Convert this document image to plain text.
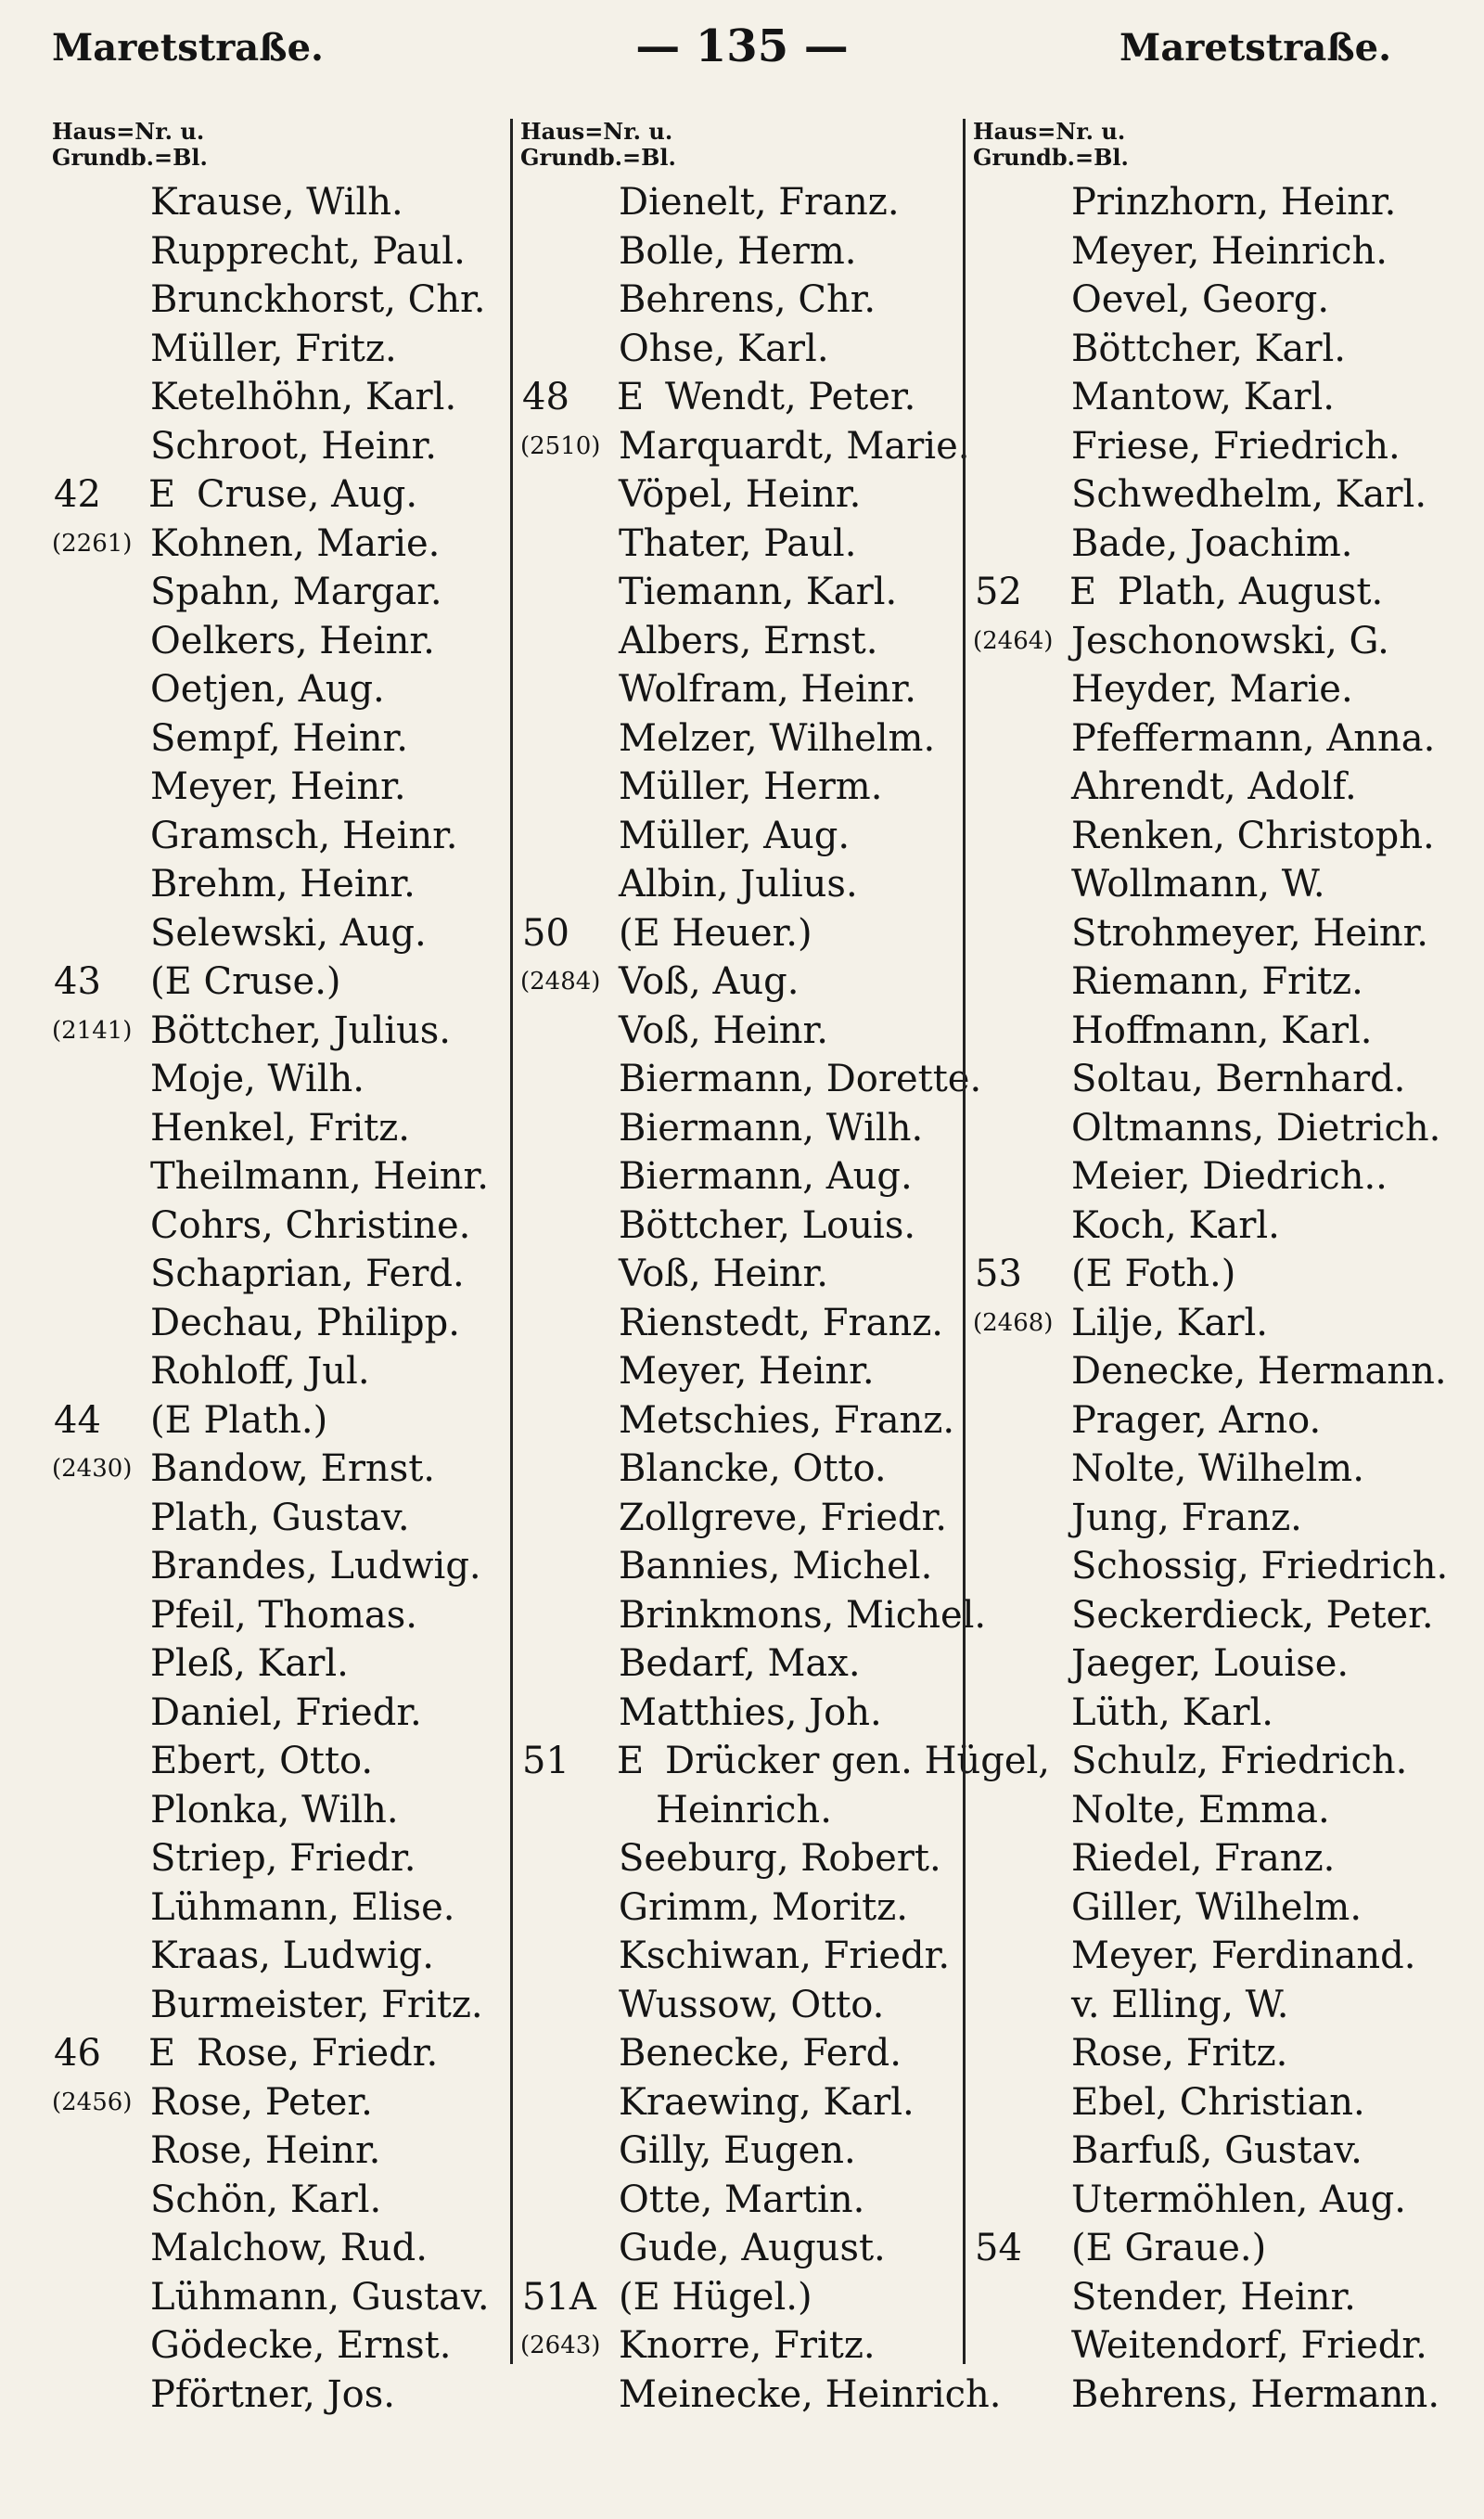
Maretstraße.	— 135 —	Maretstraße.
Haus=Nr. u.
Grundb.=Bl.
Krause, Wilh.
Rupprecht, Paul.
Brunckhorst, Chr.
Müller, Fritz.
Ketelhöhn, Karl.
Schroot, Heinr.
42 E Cruse, Aug.
(2261) Kohnen, Marie.
Spahn, Margar.
Oelkers, Heinr.
Oetjen, Aug.
Sempf, Heinr.
Meyer, Heinr.
Gramsch, Heinr.
Brehm, Heinr.
Selewski, Aug.
43 (E Cruse.)
(2141) Böttcher, Julius.
Moje, Wilh.
Henkel, Fritz.
Theilmann, Heinr.
Cohrs, Christine.
Schaprian, Ferd.
Dechau, Philipp.
Rohloff, Jul.
44 (E Plath.)
(2430) Bandow, Ernst.
Plath, Gustav.
Brandes, Ludwig.
Pfeil, Thomas.
Pleß, Karl.
Daniel, Friedr.
Ebert, Otto.
Plonka, Wilh.
Striep, Friedr.
Lühmann, Elise.
Kraas, Ludwig.
Burmeister, Fritz.
46 E Rose, Friedr.
(2456) Rose, Peter.
Rose, Heinr.
Schön, Karl.
Malchow, Rud.
Lühmann, Gustav.
Gödecke, Ernst.
Pförtner, Jos.
Haus=Nr. u.
Grundb.=Bl.
Dienelt, Franz.
Bolle, Herm.
Behrens, Chr.
Ohse, Karl.
48 E Wendt, Peter.
(2510) Marquardt, Marie.
Vöpel, Heinr.
Thater, Paul.
Tiemann, Karl.
Albers, Ernst.
Wolfram, Heinr.
Melzer, Wilhelm.
Müller, Herm.
Müller, Aug.
Albin, Julius.
50 (E Heuer.)
(2484) Voß, Aug.
Voß, Heinr.
Biermann, Dorette.
Biermann, Wilh.
Biermann, Aug.
Böttcher, Louis.
Voß, Heinr.
Rienstedt, Franz.
Meyer, Heinr.
Metschies, Franz.
Blancke, Otto.
Zollgreve, Friedr.
Bannies, Michel.
Brinkmons, Michel.
Bedarf, Max.
Matthies, Joh.
51 E Drücker gen. Hügel,
Heinrich.
Seeburg, Robert.
Grimm, Moritz.
Kschiwan, Friedr.
Wussow, Otto.
Benecke, Ferd.
Kraewing, Karl.
Gilly, Eugen.
Otte, Martin.
Gude, August.
51A (E Hügel.)
(2643) Knorre, Fritz.
Meinecke, Heinrich.
Haus=Nr. u.
Grundb.=Bl.
Prinzhorn, Heinr.
Meyer, Heinrich.
Oevel, Georg.
Böttcher, Karl.
Mantow, Karl.
Friese, Friedrich.
Schwedhelm, Karl.
Bade, Joachim.
52 E Plath, August.
(2464) Jeschonowski, G.
Heyder, Marie.
Pfeffermann, Anna.
Ahrendt, Adolf.
Renken, Christoph.
Wollmann, W.
Strohmeyer, Heinr.
Riemann, Fritz.
Hoffmann, Karl.
Soltau, Bernhard.
Oltmanns, Dietrich.
Meier, Diedrich..
Koch, Karl.
53 (E Foth.)
(2468) Lilje, Karl.
Denecke, Hermann.
Prager, Arno.
Nolte, Wilhelm.
Jung, Franz.
Schossig, Friedrich.
Seckerdieck, Peter.
Jaeger, Louise.
Lüth, Karl.
Schulz, Friedrich.
Nolte, Emma.
Riedel, Franz.
Giller, Wilhelm.
Meyer, Ferdinand.
v. Elling, W.
Rose, Fritz.
Ebel, Christian.
Barfuß, Gustav.
Utermöhlen, Aug.
54 (E Graue.)
Stender, Heinr.
Weitendorf, Friedr.
Behrens, Hermann.
